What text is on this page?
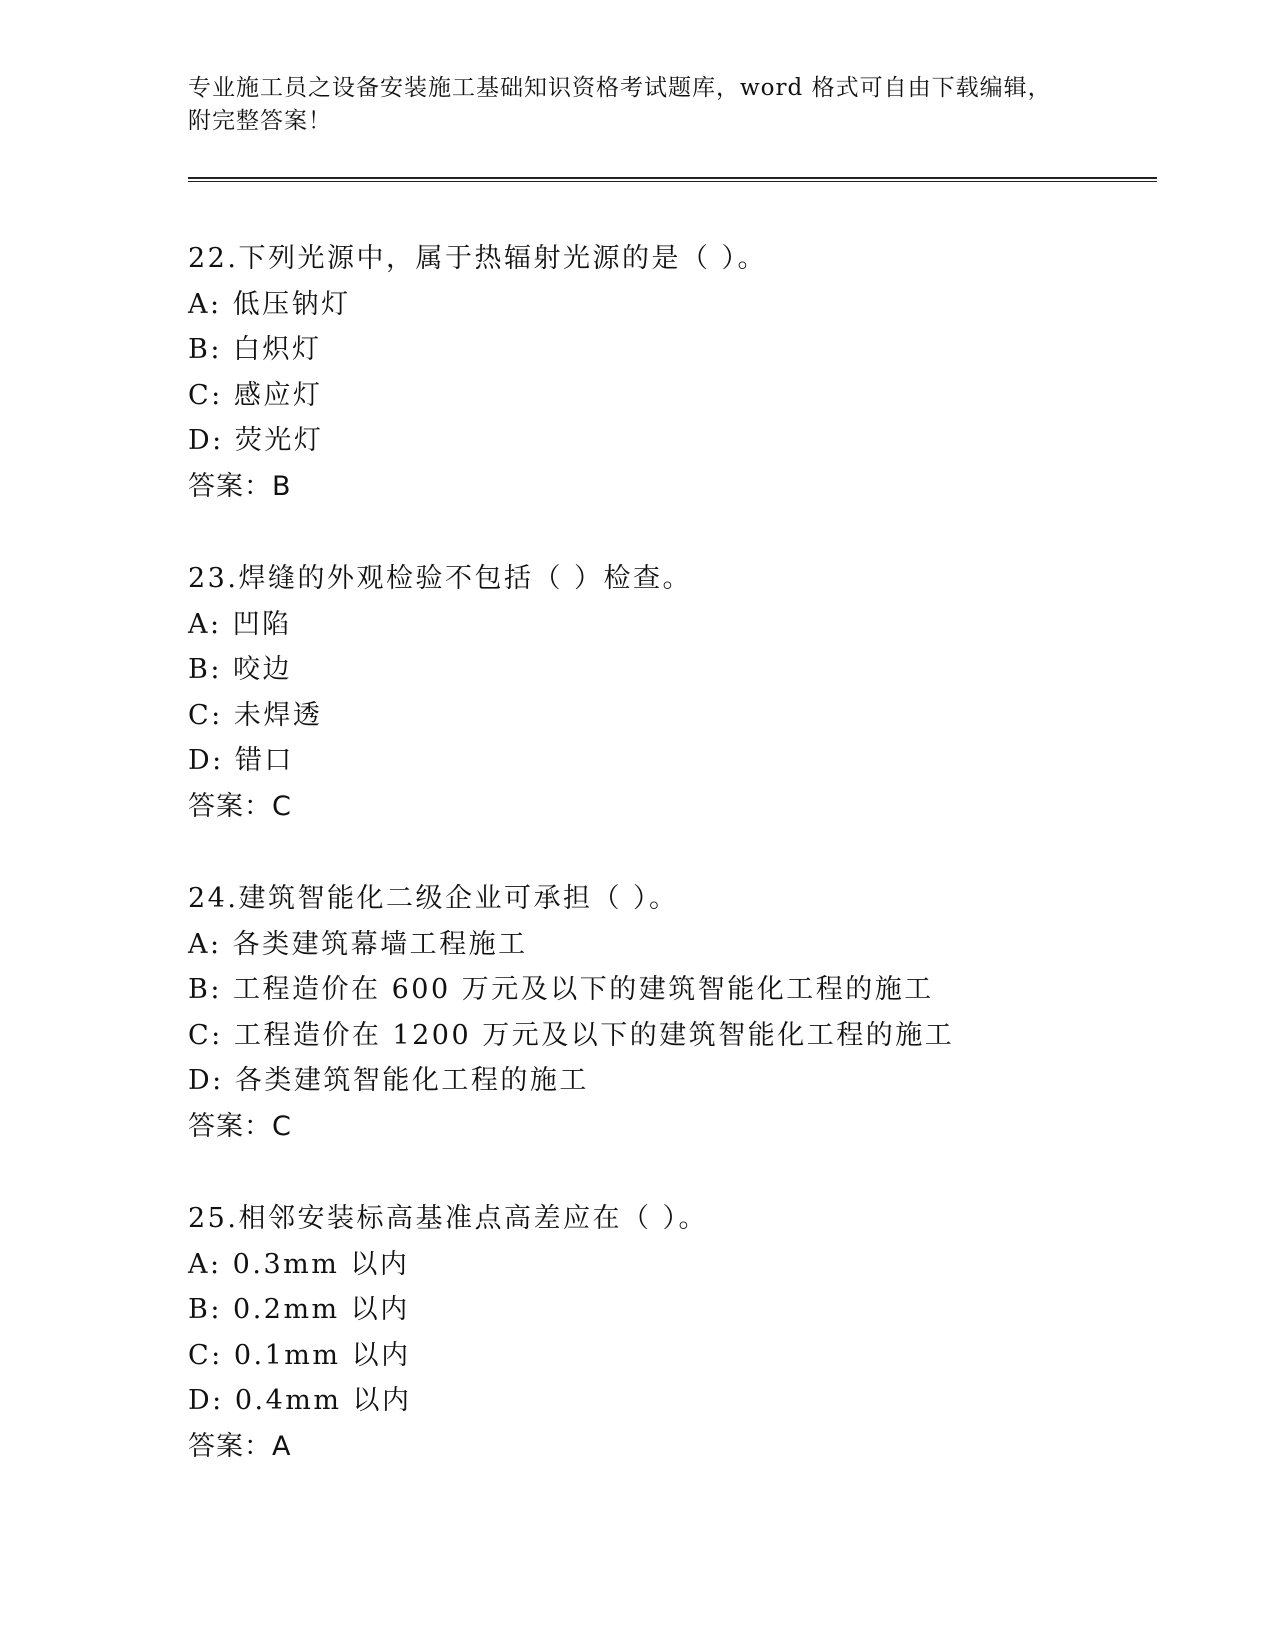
专业施工员之设备安装施工基础知识资格考试题库，word 格式可自由下载编辑，
附完整答案！
22.下列光源中，属于热辐射光源的是（ ）。
A: 低压钠灯
B: 白炽灯
C: 感应灯
D: 荧光灯
答案：B
23.焊缝的外观检验不包括（ ）检查。
A: 凹陷
B: 咬边
C: 未焊透
D: 错口
答案：C
24.建筑智能化二级企业可承担（ ）。
A: 各类建筑幕墙工程施工
B: 工程造价在 600 万元及以下的建筑智能化工程的施工
C: 工程造价在 1200 万元及以下的建筑智能化工程的施工
D: 各类建筑智能化工程的施工
答案：C
25.相邻安装标高基准点高差应在（ ）。
A: 0.3mm 以内
B: 0.2mm 以内
C: 0.1mm 以内
D: 0.4mm 以内
答案：A
